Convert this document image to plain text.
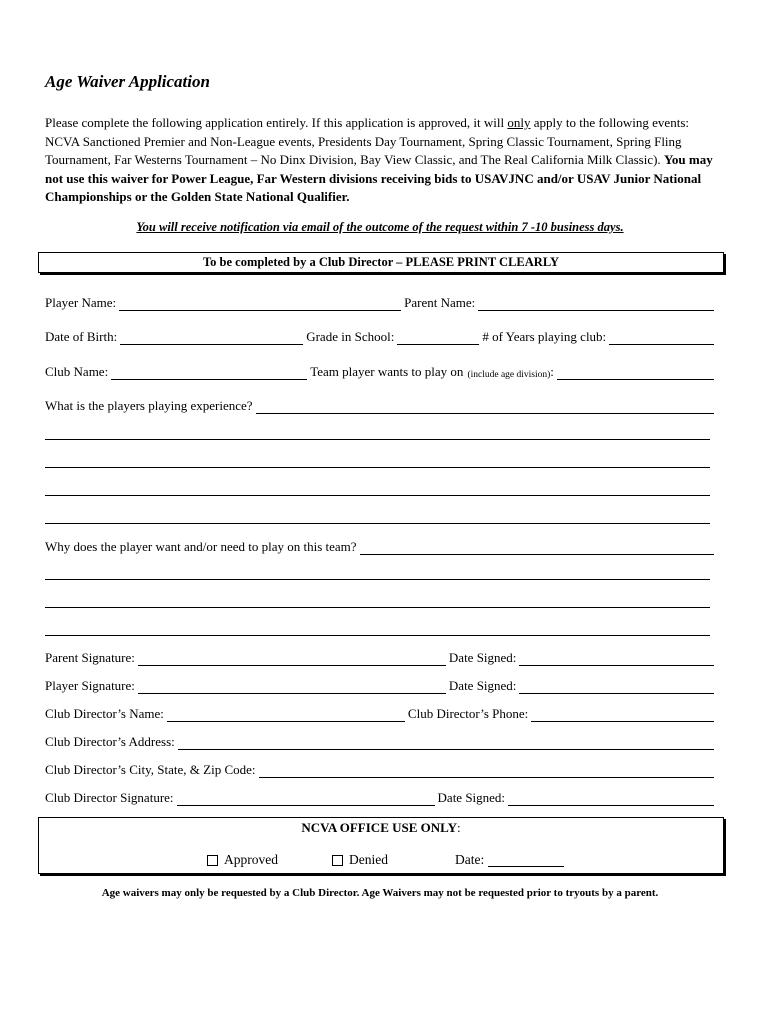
Age Waiver Application
Please complete the following application entirely. If this application is approved, it will only apply to the following events: NCVA Sanctioned Premier and Non-League events, Presidents Day Tournament, Spring Classic Tournament, Spring Fling Tournament, Far Westerns Tournament – No Dinx Division, Bay View Classic, and The Real California Milk Classic). You may not use this waiver for Power League, Far Western divisions receiving bids to USAVJNC and/or USAV Junior National Championships or the Golden State National Qualifier.
You will receive notification via email of the outcome of the request within 7 -10 business days.
To be completed by a Club Director – PLEASE PRINT CLEARLY
Player Name:	Parent Name:
Date of Birth:	Grade in School:	# of Years playing club:
Club Name:	Team player wants to play on (include age division) :
What is the players playing experience?
Why does the player want and/or need to play on this team?
Parent Signature:	Date Signed:
Player Signature:	Date Signed:
Club Director’s Name:	Club Director’s Phone:
Club Director’s Address:
Club Director’s City, State, & Zip Code:
Club Director Signature:	Date Signed:
NCVA OFFICE USE ONLY:
Approved	Denied	Date:
Age waivers may only be requested by a Club Director. Age Waivers may not be requested prior to tryouts by a parent.
